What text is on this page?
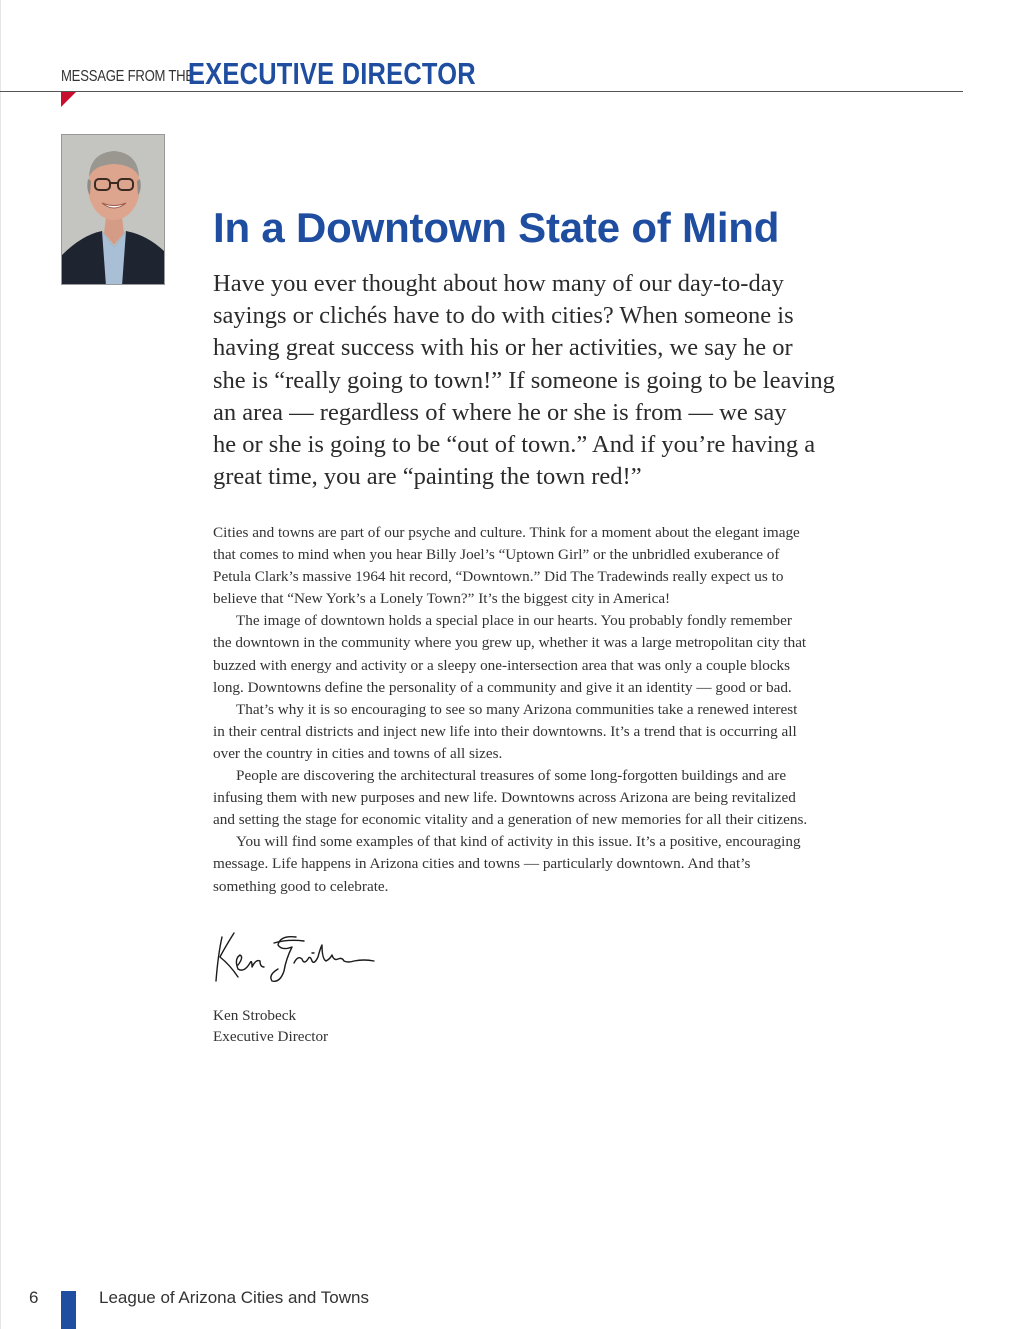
MESSAGE FROM THE
EXECUTIVE DIRECTOR
In a Downtown State of Mind
Have you ever thought about how many of our day-to-day
sayings or clichés have to do with cities? When someone is
having great success with his or her activities, we say he or
she is “really going to town!” If someone is going to be leaving
an area — regardless of where he or she is from — we say
he or she is going to be “out of town.” And if you’re having a
great time, you are “painting the town red!”
Cities and towns are part of our psyche and culture. Think for a moment about the elegant image
that comes to mind when you hear Billy Joel’s “Uptown Girl” or the unbridled exuberance of
Petula Clark’s massive 1964 hit record, “Downtown.” Did The Tradewinds really expect us to
believe that “New York’s a Lonely Town?” It’s the biggest city in America!
The image of downtown holds a special place in our hearts. You probably fondly remember
the downtown in the community where you grew up, whether it was a large metropolitan city that
buzzed with energy and activity or a sleepy one-intersection area that was only a couple blocks
long. Downtowns define the personality of a community and give it an identity — good or bad.
That’s why it is so encouraging to see so many Arizona communities take a renewed interest
in their central districts and inject new life into their downtowns. It’s a trend that is occurring all
over the country in cities and towns of all sizes.
People are discovering the architectural treasures of some long-forgotten buildings and are
infusing them with new purposes and new life. Downtowns across Arizona are being revitalized
and setting the stage for economic vitality and a generation of new memories for all their citizens.
You will find some examples of that kind of activity in this issue. It’s a positive, encouraging
message. Life happens in Arizona cities and towns — particularly downtown. And that’s
something good to celebrate.
Ken Strobeck
Executive Director
6	League of Arizona Cities and Towns
